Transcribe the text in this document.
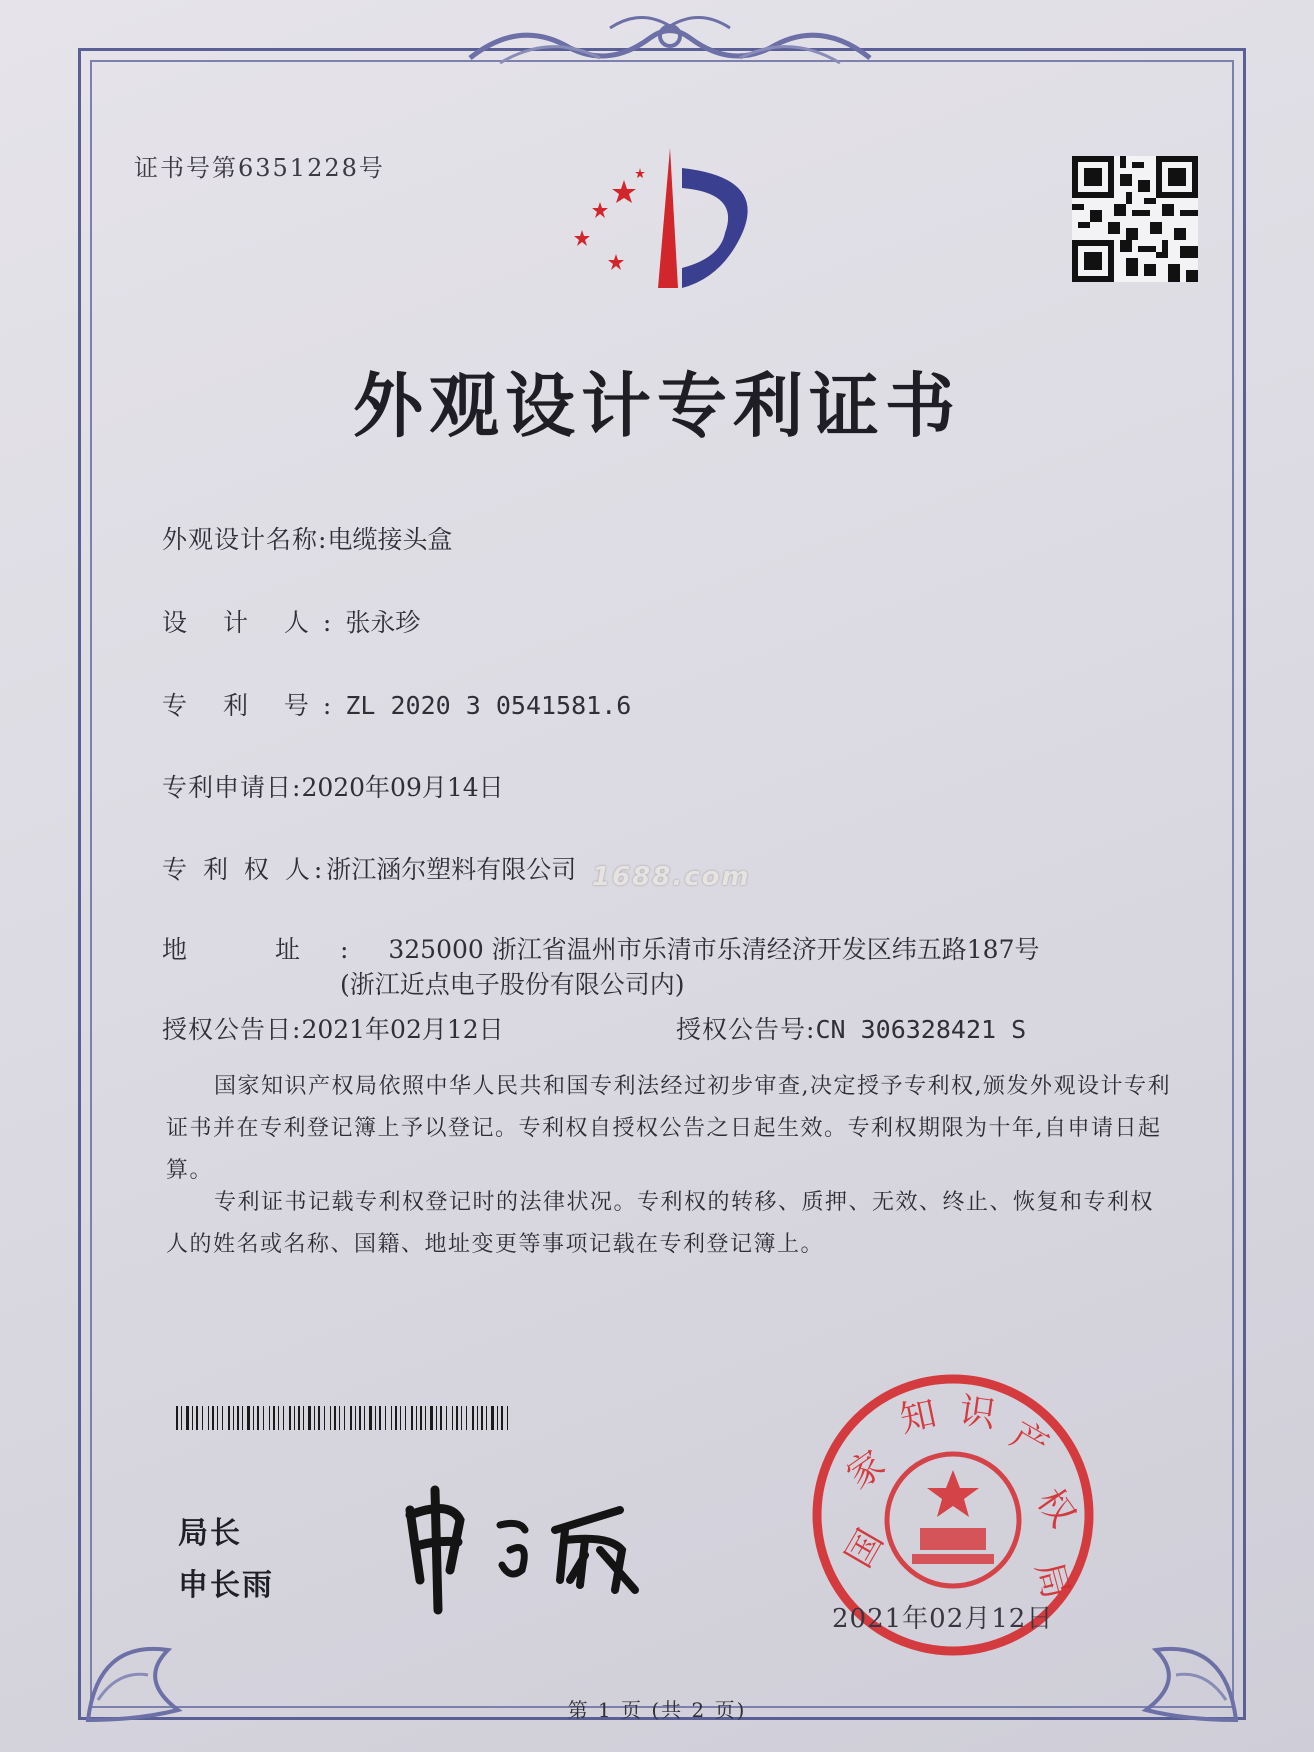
证书号第6351228号
外观设计专利证书
外观设计名称:电缆接头盒
设 计 人:张永珍
专 利 号:ZL 2020 3 0541581.6
专利申请日:2020年09月14日
专 利 权 人:浙江涵尔塑料有限公司 1688.com
地 址:325000 浙江省温州市乐清市乐清经济开发区纬五路187号
(浙江近点电子股份有限公司内)
授权公告日:2021年02月12日	授权公告号:CN 306328421 S
国家知识产权局依照中华人民共和国专利法经过初步审查,决定授予专利权,颁发外观设计专利证书并在专利登记簿上予以登记。专利权自授权公告之日起生效。专利权期限为十年,自申请日起算。
专利证书记载专利权登记时的法律状况。专利权的转移、质押、无效、终止、恢复和专利权人的姓名或名称、国籍、地址变更等事项记载在专利登记簿上。
局长
申长雨
国
家
知 识
产
权
局
2021年02月12日
第 1 页 (共 2 页)
